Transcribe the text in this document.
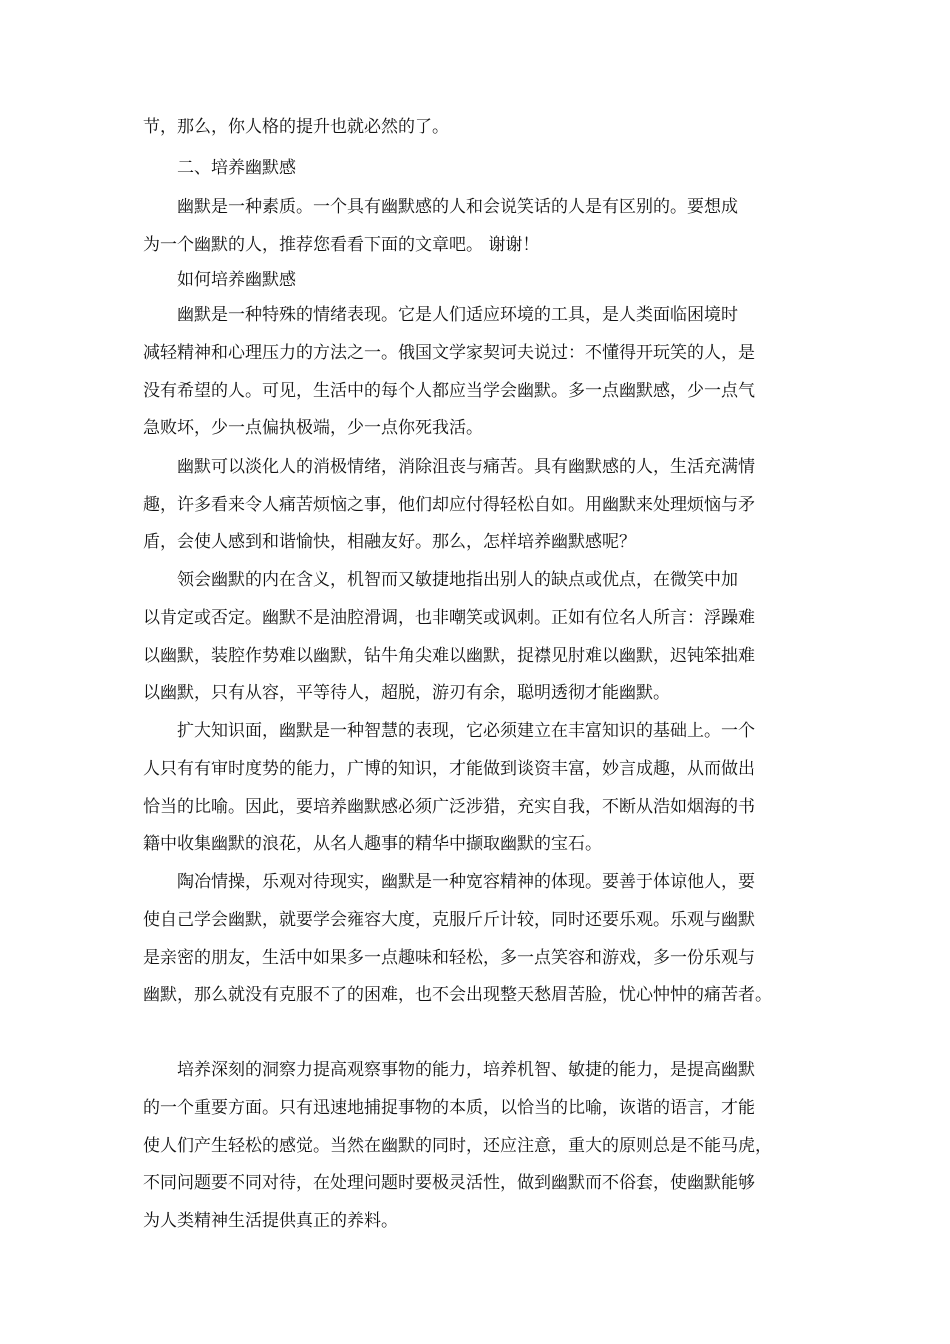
节，那么，你人格的提升也就必然的了。
二、培养幽默感
幽默是一种素质。一个具有幽默感的人和会说笑话的人是有区别的。要想成
为一个幽默的人，推荐您看看下面的文章吧。 谢谢！
如何培养幽默感
幽默是一种特殊的情绪表现。它是人们适应环境的工具，是人类面临困境时
减轻精神和心理压力的方法之一。俄国文学家契诃夫说过：不懂得开玩笑的人，是
没有希望的人。可见，生活中的每个人都应当学会幽默。多一点幽默感，少一点气
急败坏，少一点偏执极端，少一点你死我活。
幽默可以淡化人的消极情绪，消除沮丧与痛苦。具有幽默感的人，生活充满情
趣，许多看来令人痛苦烦恼之事，他们却应付得轻松自如。用幽默来处理烦恼与矛
盾，会使人感到和谐愉快，相融友好。那么，怎样培养幽默感呢？
领会幽默的内在含义，机智而又敏捷地指出别人的缺点或优点，在微笑中加
以肯定或否定。幽默不是油腔滑调，也非嘲笑或讽刺。正如有位名人所言：浮躁难
以幽默，装腔作势难以幽默，钻牛角尖难以幽默，捉襟见肘难以幽默，迟钝笨拙难
以幽默，只有从容，平等待人，超脱，游刃有余，聪明透彻才能幽默。
扩大知识面，幽默是一种智慧的表现，它必须建立在丰富知识的基础上。一个
人只有有审时度势的能力，广博的知识，才能做到谈资丰富，妙言成趣，从而做出
恰当的比喻。因此，要培养幽默感必须广泛涉猎，充实自我，不断从浩如烟海的书
籍中收集幽默的浪花，从名人趣事的精华中撷取幽默的宝石。
陶冶情操，乐观对待现实，幽默是一种宽容精神的体现。要善于体谅他人，要
使自己学会幽默，就要学会雍容大度，克服斤斤计较，同时还要乐观。乐观与幽默
是亲密的朋友，生活中如果多一点趣味和轻松，多一点笑容和游戏，多一份乐观与
幽默，那么就没有克服不了的困难，也不会出现整天愁眉苦脸，忧心忡忡的痛苦者。
培养深刻的洞察力提高观察事物的能力，培养机智、敏捷的能力，是提高幽默
的一个重要方面。只有迅速地捕捉事物的本质，以恰当的比喻，诙谐的语言，才能
使人们产生轻松的感觉。当然在幽默的同时，还应注意，重大的原则总是不能马虎，
不同问题要不同对待，在处理问题时要极灵活性，做到幽默而不俗套，使幽默能够
为人类精神生活提供真正的养料。
